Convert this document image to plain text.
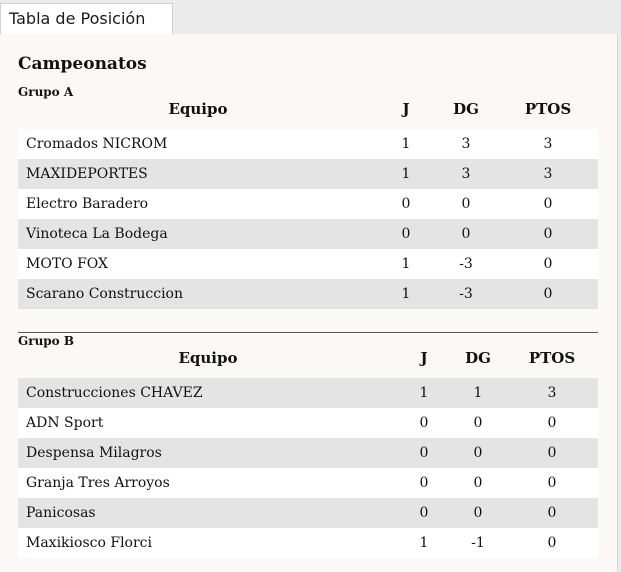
Tabla de Posición
Campeonatos
Grupo A
Equipo	J	DG	PTOS
Cromados NICROM	1	3	3
MAXIDEPORTES	1	3	3
Electro Baradero	0	0	0
Vinoteca La Bodega	0	0	0
MOTO FOX	1	-3	0
Scarano Construccion	1	-3	0
Grupo B
Equipo	J	DG	PTOS
Construcciones CHAVEZ	1	1	3
ADN Sport	0	0	0
Despensa Milagros	0	0	0
Granja Tres Arroyos	0	0	0
Panicosas	0	0	0
Maxikiosco Florci	1	-1	0
